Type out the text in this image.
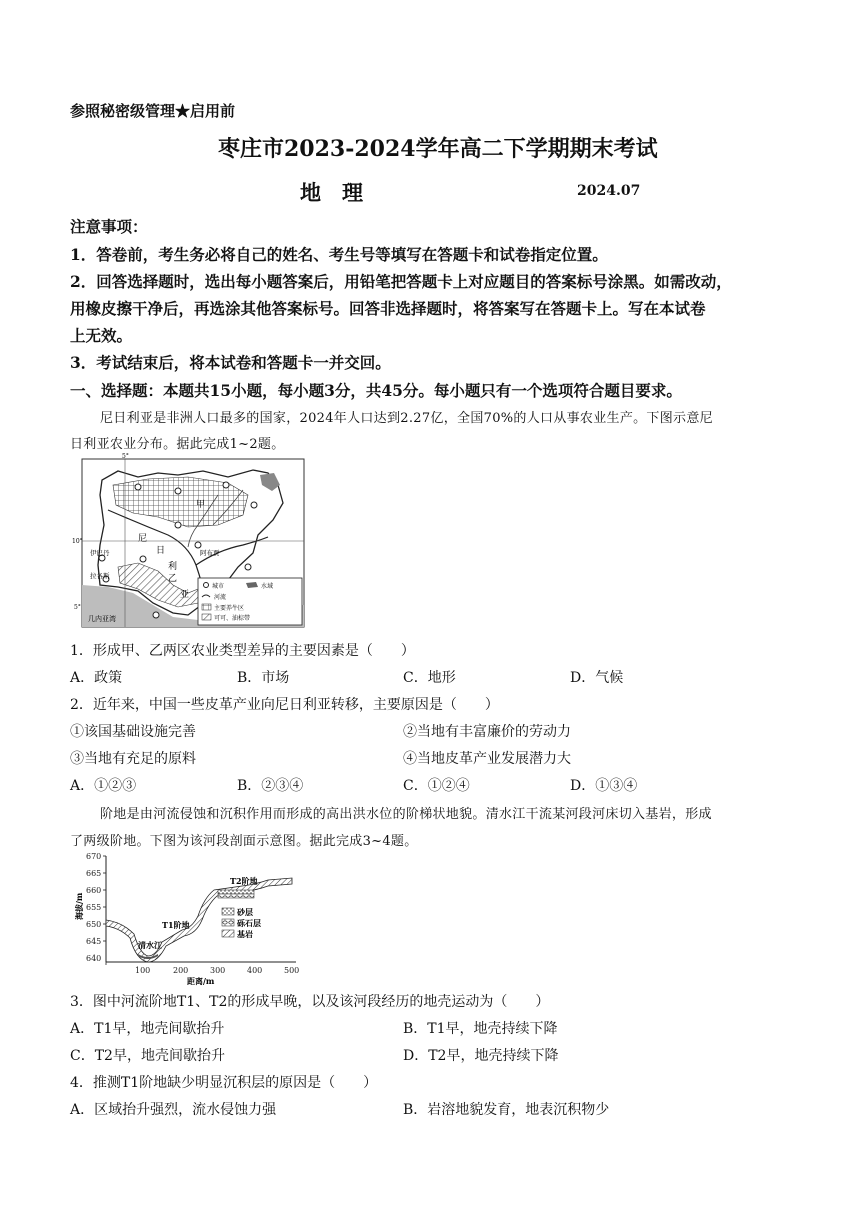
参照秘密级管理★启用前
枣庄市2023-2024学年高二下学期期末考试
地　理	2024.07
注意事项：
1．答卷前，考生务必将自己的姓名、考生号等填写在答题卡和试卷指定位置。
2．回答选择题时，选出每小题答案后，用铅笔把答题卡上对应题目的答案标号涂黑。如需改动，
用橡皮擦干净后，再选涂其他答案标号。回答非选择题时，将答案写在答题卡上。写在本试卷
上无效。
3．考试结束后，将本试卷和答题卡一并交回。
一、选择题：本题共15小题，每小题3分，共45分。每小题只有一个选项符合题目要求。
尼日利亚是非洲人口最多的国家，2024年人口达到2.27亿，全国70%的人口从事农业生产。下图示意尼
日利亚农业分布。据此完成1~2题。
5°
10°
5°
甲
乙
尼
日
利
亚
伊巴丹
拉各斯
阿布贾
几内亚湾
城市	水域
河流
主要养牛区
可可、油棕带
1．形成甲、乙两区农业类型差异的主要因素是（　　）
A．政策	B．市场	C．地形	D．气候
2．近年来，中国一些皮革产业向尼日利亚转移，主要原因是（　　）
①该国基础设施完善	②当地有丰富廉价的劳动力
③当地有充足的原料	④当地皮革产业发展潜力大
A．①②③	B．②③④	C．①②④	D．①③④
阶地是由河流侵蚀和沉积作用而形成的高出洪水位的阶梯状地貌。清水江干流某河段河床切入基岩，形成
了两级阶地。下图为该河段剖面示意图。据此完成3~4题。
670
665
660
655
650
645
640
100	200	300	400	500
海拔/m
距离/m
T2阶地
T1阶地
清水江
砂层
砾石层
基岩
3．图中河流阶地T1、T2的形成早晚，以及该河段经历的地壳运动为（　　）
A．T1早，地壳间歇抬升	B．T1早，地壳持续下降
C．T2早，地壳间歇抬升	D．T2早，地壳持续下降
4．推测T1阶地缺少明显沉积层的原因是（　　）
A．区域抬升强烈，流水侵蚀力强	B．岩溶地貌发育，地表沉积物少
